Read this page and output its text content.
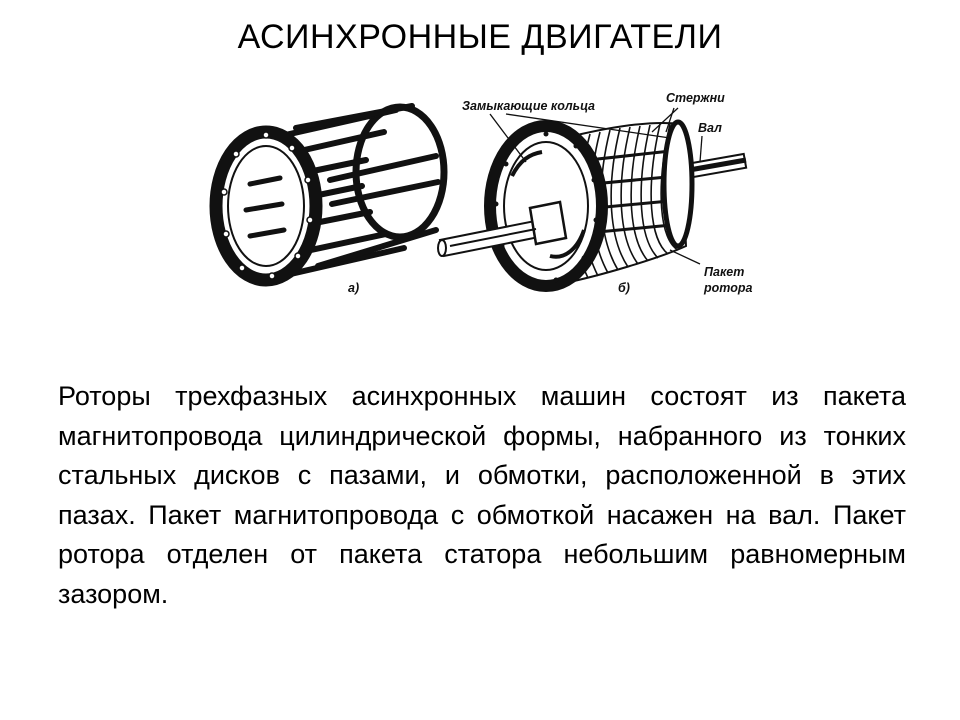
АСИНХРОННЫЕ ДВИГАТЕЛИ
Замыкающие кольца
Стержни
Вал
Пакет
ротора
а)	б)

Роторы трехфазных асинхронных машин состоят из пакета магнитопровода цилиндрической формы, набранного из тонких стальных дисков с пазами, и обмотки, расположенной в этих пазах. Пакет магнитопровода с обмоткой насажен на вал. Пакет ротора отделен от пакета статора небольшим равномерным зазором.
